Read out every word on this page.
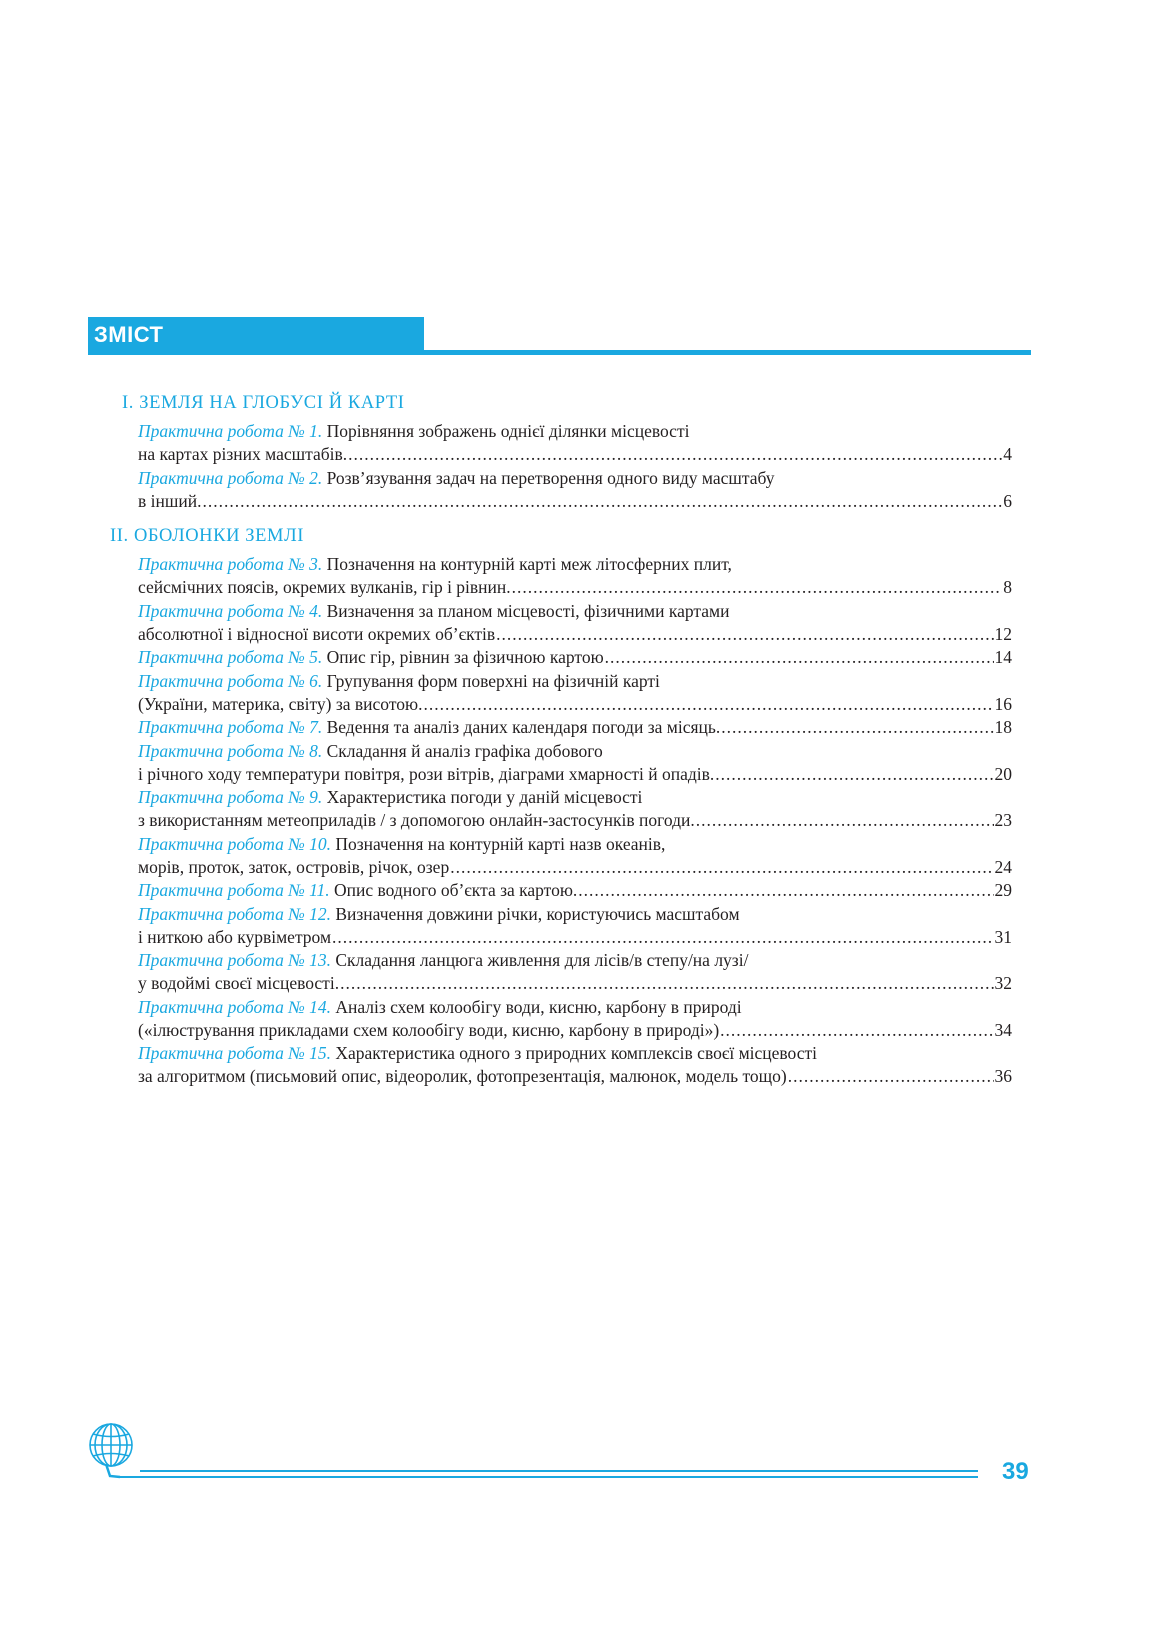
ЗМІСТ
І. ЗЕМЛЯ НА ГЛОБУСІ Й КАРТІ
Практична робота № 1. Порівняння зображень однієї ділянки місцевості
на картах різних масштабів. .....	4
Практична робота № 2. Розв’язування задач на перетворення одного виду масштабу
в інший. .....	6
ІІ. ОБОЛОНКИ ЗЕМЛІ
Практична робота № 3. Позначення на контурній карті меж літосферних плит,
сейсмічних поясів, окремих вулканів, гір і рівнин. .....	8
Практична робота № 4. Визначення за планом місцевості, фізичними картами
абсолютної і відносної висоти окремих об’єктів .....	12
Практична робота № 5. Опис гір, рівнин за фізичною картою .....	14
Практична робота № 6. Групування форм поверхні на фізичній карті
(України, материка, світу) за висотою. .....	16
Практична робота № 7. Ведення та аналіз даних календаря погоди за місяць. .....	18
Практична робота № 8. Складання й аналіз графіка добового
і річного ходу температури повітря, рози вітрів, діаграми хмарності й опадів. .....	20
Практична робота № 9. Характеристика погоди у даній місцевості
з використанням метеоприладів / з допомогою онлайн-застосунків погоди. .....	23
Практична робота № 10. Позначення на контурній карті назв океанів,
морів, проток, заток, островів, річок, озер .....	24
Практична робота № 11. Опис водного об’єкта за картою. .....	29
Практична робота № 12. Визначення довжини річки, користуючись масштабом
і ниткою або курвіметром .....	31
Практична робота № 13. Складання ланцюга живлення для лісів/в степу/на лузі/
у водоймі своєї місцевості. .....	32
Практична робота № 14. Аналіз схем колообігу води, кисню, карбону в природі
(«ілюстрування прикладами схем колообігу води, кисню, карбону в природі») .....	34
Практична робота № 15. Характеристика одного з природних комплексів своєї місцевості
за алгоритмом (письмовий опис, відеоролик, фотопрезентація, малюнок, модель тощо) .....	36
39
